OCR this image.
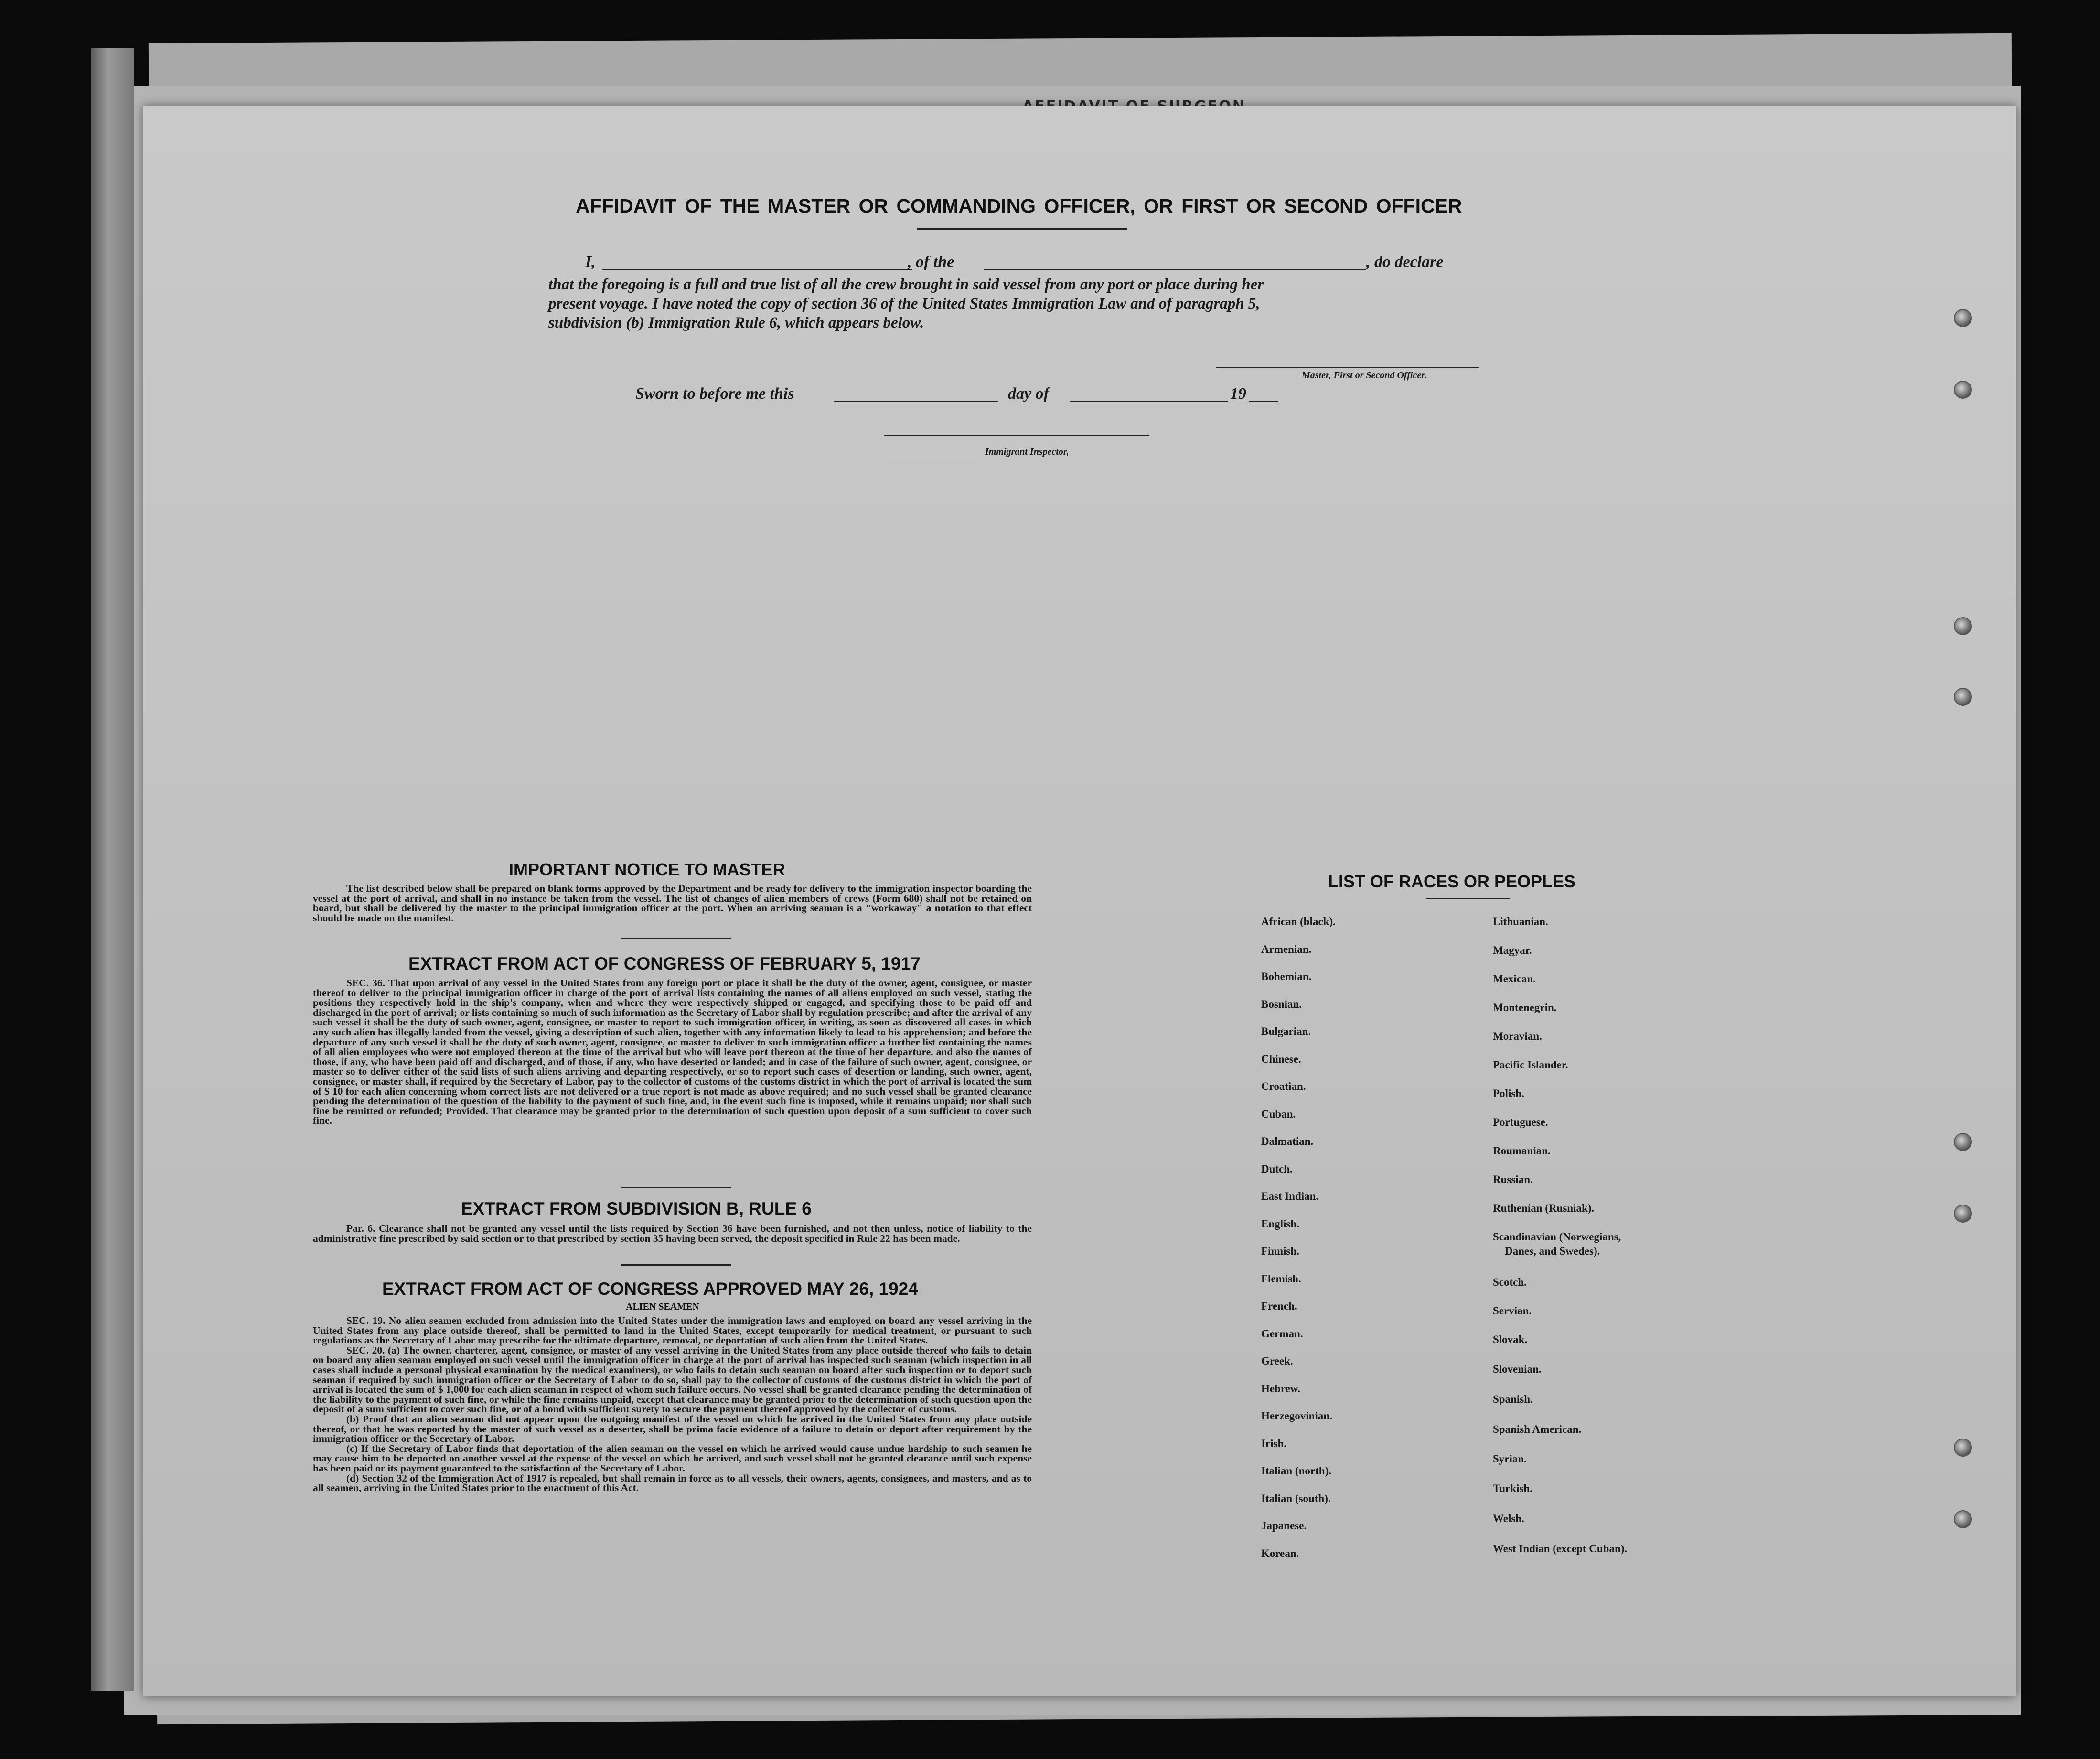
AFFIDAVIT OF THE MASTER OR COMMANDING OFFICER, OR FIRST OR SECOND OFFICER
I,	, of the	, do declare
that the foregoing is a full and true list of all the crew brought in said vessel from any port or place during her
present voyage. I have noted the copy of section 36 of the United States Immigration Law and of paragraph 5,
subdivision (b) Immigration Rule 6, which appears below.
Master, First or Second Officer.
Sworn to before me this	day of	19
Immigrant Inspector,
IMPORTANT NOTICE TO MASTER

The list described below shall be prepared on blank forms approved by the Department and be ready for delivery to the immigration inspector boarding the vessel at the port of arrival, and shall in no instance be taken from the vessel. The list of changes of alien members of crews (Form 680) shall not be retained on board, but shall be delivered by the master to the principal immigration officer at the port. When an arriving seaman is a "workaway" a notation to that effect should be made on the manifest.

EXTRACT FROM ACT OF CONGRESS OF FEBRUARY 5, 1917

SEC. 36. That upon arrival of any vessel in the United States from any foreign port or place it shall be the duty of the owner, agent, consignee, or master thereof to deliver to the principal immigration officer in charge of the port of arrival lists containing the names of all aliens employed on such vessel, stating the positions they respectively hold in the ship's company, when and where they were respectively shipped or engaged, and specifying those to be paid off and discharged in the port of arrival; or lists containing so much of such information as the Secretary of Labor shall by regulation prescribe; and after the arrival of any such vessel it shall be the duty of such owner, agent, consignee, or master to report to such immigration officer, in writing, as soon as discovered all cases in which any such alien has illegally landed from the vessel, giving a description of such alien, together with any information likely to lead to his apprehension; and before the departure of any such vessel it shall be the duty of such owner, agent, consignee, or master to deliver to such immigration officer a further list containing the names of all alien employees who were not employed thereon at the time of the arrival but who will leave port thereon at the time of her departure, and also the names of those, if any, who have been paid off and discharged, and of those, if any, who have deserted or landed; and in case of the failure of such owner, agent, consignee, or master so to deliver either of the said lists of such aliens arriving and departing respectively, or so to report such cases of desertion or landing, such owner, agent, consignee, or master shall, if required by the Secretary of Labor, pay to the collector of customs of the customs district in which the port of arrival is located the sum of $ 10 for each alien concerning whom correct lists are not delivered or a true report is not made as above required; and no such vessel shall be granted clearance pending the determination of the question of the liability to the payment of such fine, and, in the event such fine is imposed, while it remains unpaid; nor shall such fine be remitted or refunded; Provided. That clearance may be granted prior to the determination of such question upon deposit of a sum sufficient to cover such fine.

EXTRACT FROM SUBDIVISION B, RULE 6

Par. 6. Clearance shall not be granted any vessel until the lists required by Section 36 have been furnished, and not then unless, notice of liability to the administrative fine prescribed by said section or to that prescribed by section 35 having been served, the deposit specified in Rule 22 has been made.

EXTRACT FROM ACT OF CONGRESS APPROVED MAY 26, 1924
ALIEN SEAMEN

SEC. 19. No alien seamen excluded from admission into the United States under the immigration laws and employed on board any vessel arriving in the United States from any place outside thereof, shall be permitted to land in the United States, except temporarily for medical treatment, or pursuant to such regulations as the Secretary of Labor may prescribe for the ultimate departure, removal, or deportation of such alien from the United States.

SEC. 20. (a) The owner, charterer, agent, consignee, or master of any vessel arriving in the United States from any place outside thereof who fails to detain on board any alien seaman employed on such vessel until the immigration officer in charge at the port of arrival has inspected such seaman (which inspection in all cases shall include a personal physical examination by the medical examiners), or who fails to detain such seaman on board after such inspection or to deport such seaman if required by such immigration officer or the Secretary of Labor to do so, shall pay to the collector of customs of the customs district in which the port of arrival is located the sum of $ 1,000 for each alien seaman in respect of whom such failure occurs. No vessel shall be granted clearance pending the determination of the liability to the payment of such fine, or while the fine remains unpaid, except that clearance may be granted prior to the determination of such question upon the deposit of a sum sufficient to cover such fine, or of a bond with sufficient surety to secure the payment thereof approved by the collector of customs.

(b) Proof that an alien seaman did not appear upon the outgoing manifest of the vessel on which he arrived in the United States from any place outside thereof, or that he was reported by the master of such vessel as a deserter, shall be prima facie evidence of a failure to detain or deport after requirement by the immigration officer or the Secretary of Labor.

(c) If the Secretary of Labor finds that deportation of the alien seaman on the vessel on which he arrived would cause undue hardship to such seamen he may cause him to be deported on another vessel at the expense of the vessel on which he arrived, and such vessel shall not be granted clearance until such expense has been paid or its payment guaranteed to the satisfaction of the Secretary of Labor.

(d) Section 32 of the Immigration Act of 1917 is repealed, but shall remain in force as to all vessels, their owners, agents, consignees, and masters, and as to all seamen, arriving in the United States prior to the enactment of this Act.

LIST OF RACES OR PEOPLES
African (black).
Armenian.
Bohemian.
Bosnian.
Bulgarian.
Chinese.
Croatian.
Cuban.
Dalmatian.
Dutch.
East Indian.
English.
Finnish.
Flemish.
French.
German.
Greek.
Hebrew.
Herzegovinian.
Irish.
Italian (north).
Italian (south).
Japanese.
Korean.
Lithuanian.
Magyar.
Mexican.
Montenegrin.
Moravian.
Pacific Islander.
Polish.
Portuguese.
Roumanian.
Russian.
Ruthenian (Rusniak).
Scandinavian (Norwegians,
Danes, and Swedes).
Scotch.
Servian.
Slovak.
Slovenian.
Spanish.
Spanish American.
Syrian.
Turkish.
Welsh.
West Indian (except Cuban).
